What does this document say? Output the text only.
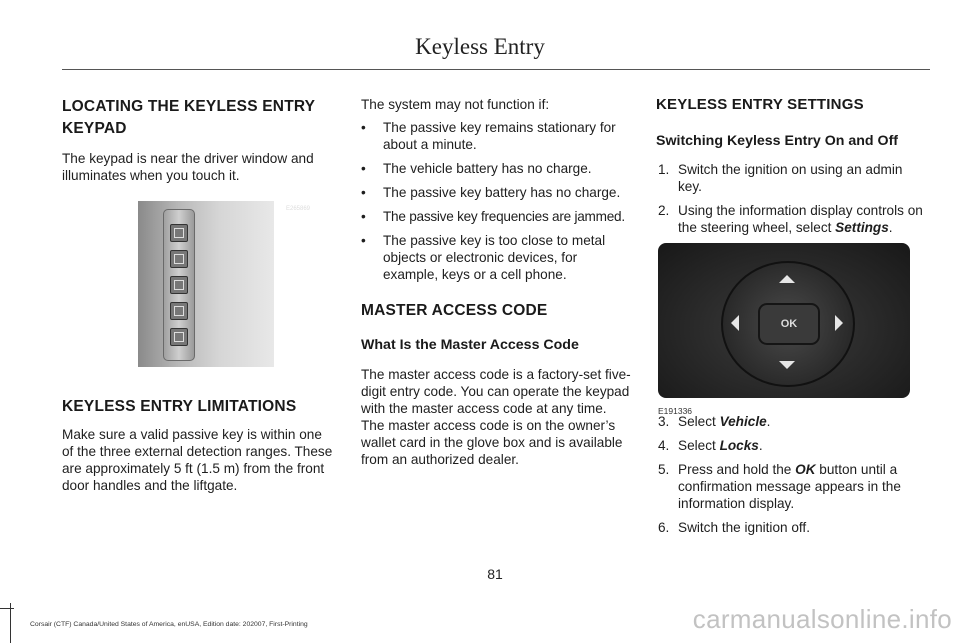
Keyless Entry
LOCATING THE KEYLESS ENTRY
KEYPAD

The keypad is near the driver window and illuminates when you touch it.

E265869
KEYLESS ENTRY LIMITATIONS

Make sure a valid passive key is within one of the three external detection ranges. These are approximately 5 ft (1.5 m) from the front door handles and the liftgate.

The system may not function if:

• The passive key remains stationary for about a minute.
• The vehicle battery has no charge.
• The passive key battery has no charge.
• The passive key frequencies are jammed.
• The passive key is too close to metal objects or electronic devices, for example, keys or a cell phone.
MASTER ACCESS CODE
What Is the Master Access Code

The master access code is a factory-set five-digit entry code. You can operate the keypad with the master access code at any time. The master access code is on the owner’s wallet card in the glove box and is available from an authorized dealer.

KEYLESS ENTRY SETTINGS
Switching Keyless Entry On and Off
1. Switch the ignition on using an admin key.
2. Using the information display controls on the steering wheel, select Settings.
OK
E191336
3. Select Vehicle.
4. Select Locks.
5. Press and hold the OK button until a confirmation message appears in the information display.
6. Switch the ignition off.
81
Corsair (CTF) Canada/United States of America, enUSA, Edition date: 202007, First-Printing	carmanualsonline.info
